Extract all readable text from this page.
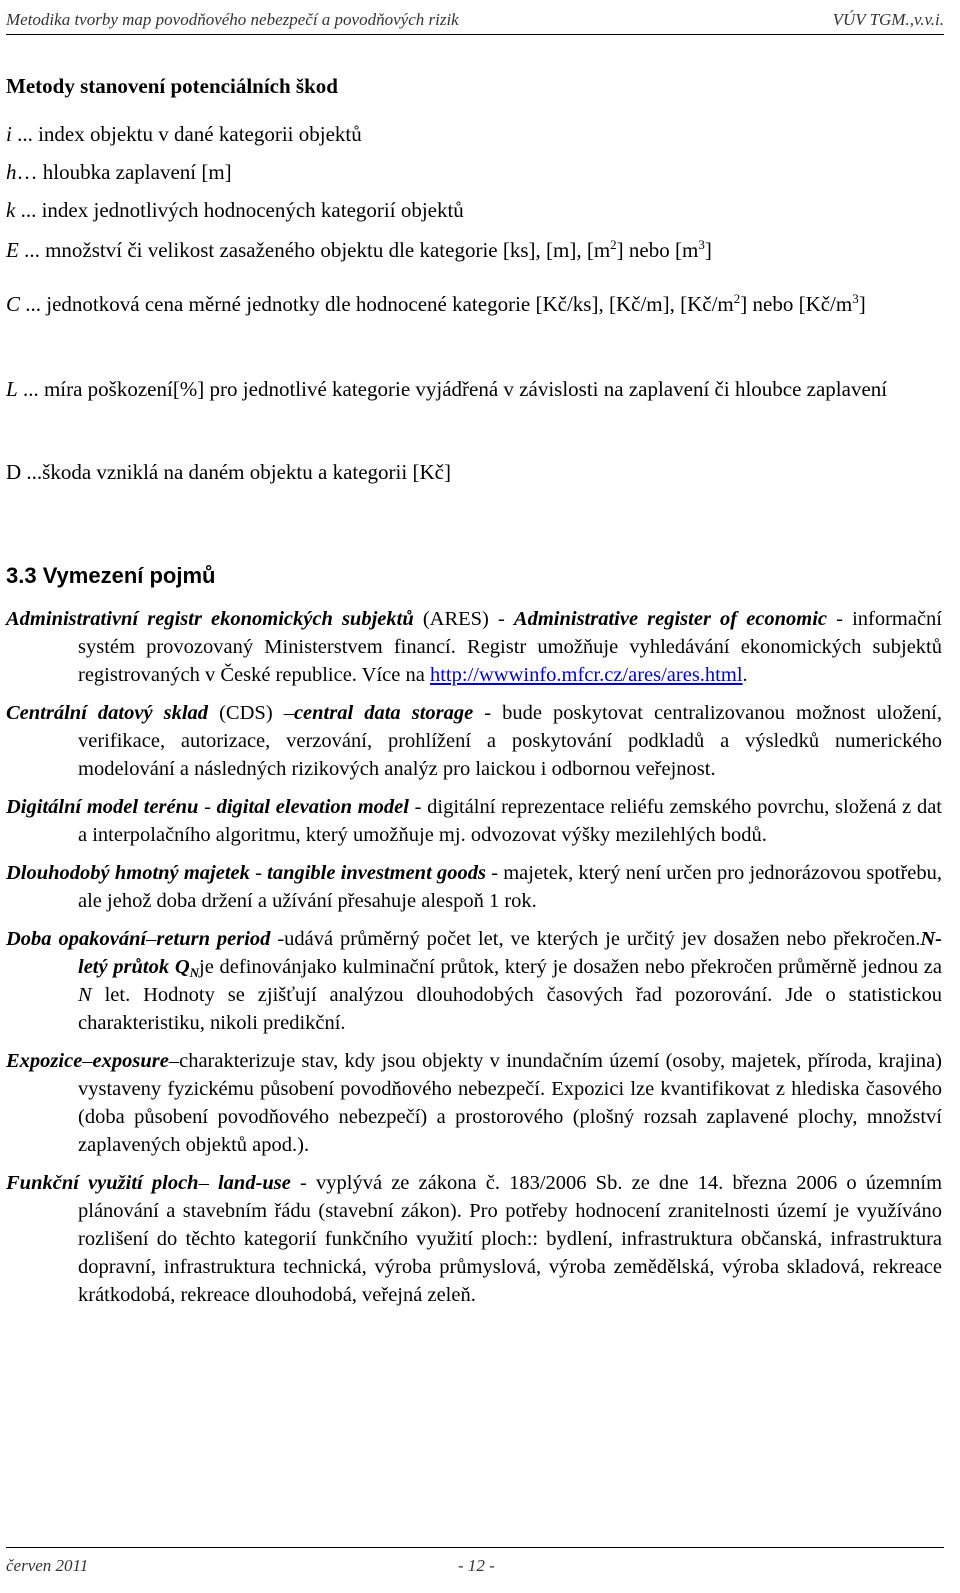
Metodika tvorby map povodňového nebezpečí a povodňových rizik	VÚV TGM.,v.v.i.
Metody stanovení potenciálních škod
i ... index objektu v dané kategorii objektů
h… hloubka zaplavení [m]
k ... index jednotlivých hodnocených kategorií objektů
E ... množství či velikost zasaženého objektu dle kategorie [ks], [m], $[m^2]$ nebo $[m^3]$
C ... jednotková cena měrné jednotky dle hodnocené kategorie [Kč/ks], [Kč/m], $[Kč/m^2]$ nebo $[Kč/m^3]$
L ... míra poškození[%] pro jednotlivé kategorie vyjádřená v závislosti na zaplavení či hloubce zaplavení
D ...škoda vzniklá na daném objektu a kategorii [Kč]
3.3 Vymezení pojmů

Administrativní registr ekonomických subjektů (ARES) - Administrative register of economic - informační systém provozovaný Ministerstvem financí. Registr umožňuje vyhledávání ekonomických subjektů registrovaných v České republice. Více na http://wwwinfo.mfcr.cz/ares/ares.html.

Centrální datový sklad (CDS) –central data storage - bude poskytovat centralizovanou možnost uložení, verifikace, autorizace, verzování, prohlížení a poskytování podkladů a výsledků numerického modelování a následných rizikových analýz pro laickou i odbornou veřejnost.

Digitální model terénu - digital elevation model - digitální reprezentace reliéfu zemského povrchu, složená z dat a interpolačního algoritmu, který umožňuje mj. odvozovat výšky mezilehlých bodů.

Dlouhodobý hmotný majetek - tangible investment goods - majetek, který není určen pro jednorázovou spotřebu, ale jehož doba držení a užívání přesahuje alespoň 1 rok.

Doba opakování–return period -udává průměrný počet let, ve kterých je určitý jev dosažen nebo překročen.N-letý průtok $Q_Nje$ definovánjako kulminační průtok, který je dosažen nebo překročen průměrně jednou za N let. Hodnoty se zjišťují analýzou dlouhodobých časových řad pozorování. Jde o statistickou charakteristiku, nikoli predikční.

Expozice–exposure–charakterizuje stav, kdy jsou objekty v inundačním území (osoby, majetek, příroda, krajina) vystaveny fyzickému působení povodňového nebezpečí. Expozici lze kvantifikovat z hlediska časového (doba působení povodňového nebezpečí) a prostorového (plošný rozsah zaplavené plochy, množství zaplavených objektů apod.).

Funkční využití ploch– land-use - vyplývá ze zákona č. 183/2006 Sb. ze dne 14. března 2006 o územním plánování a stavebním řádu (stavební zákon). Pro potřeby hodnocení zranitelnosti území je využíváno rozlišení do těchto kategorií funkčního využití ploch:: bydlení, infrastruktura občanská, infrastruktura dopravní, infrastruktura technická, výroba průmyslová, výroba zemědělská, výroba skladová, rekreace krátkodobá, rekreace dlouhodobá, veřejná zeleň.

červen 2011	- 12 -
